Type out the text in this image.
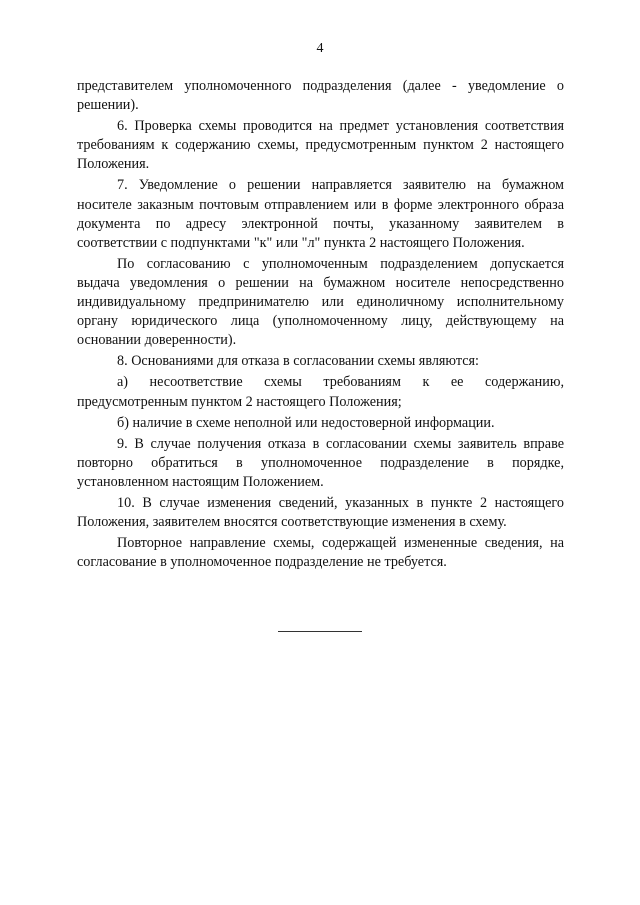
4

представителем уполномоченного подразделения (далее - уведомление о решении).

6. Проверка схемы проводится на предмет установления соответствия требованиям к содержанию схемы, предусмотренным пунктом 2 настоящего Положения.

7. Уведомление о решении направляется заявителю на бумажном носителе заказным почтовым отправлением или в форме электронного образа документа по адресу электронной почты, указанному заявителем в соответствии с подпунктами "к" или "л" пункта 2 настоящего Положения.

По согласованию с уполномоченным подразделением допускается выдача уведомления о решении на бумажном носителе непосредственно индивидуальному предпринимателю или единоличному исполнительному органу юридического лица (уполномоченному лицу, действующему на основании доверенности).

8. Основаниями для отказа в согласовании схемы являются:

а) несоответствие схемы требованиям к ее содержанию, предусмотренным пунктом 2 настоящего Положения;

б) наличие в схеме неполной или недостоверной информации.

9. В случае получения отказа в согласовании схемы заявитель вправе повторно обратиться в уполномоченное подразделение в порядке, установленном настоящим Положением.

10. В случае изменения сведений, указанных в пункте 2 настоящего Положения, заявителем вносятся соответствующие изменения в схему.

Повторное направление схемы, содержащей измененные сведения, на согласование в уполномоченное подразделение не требуется.
